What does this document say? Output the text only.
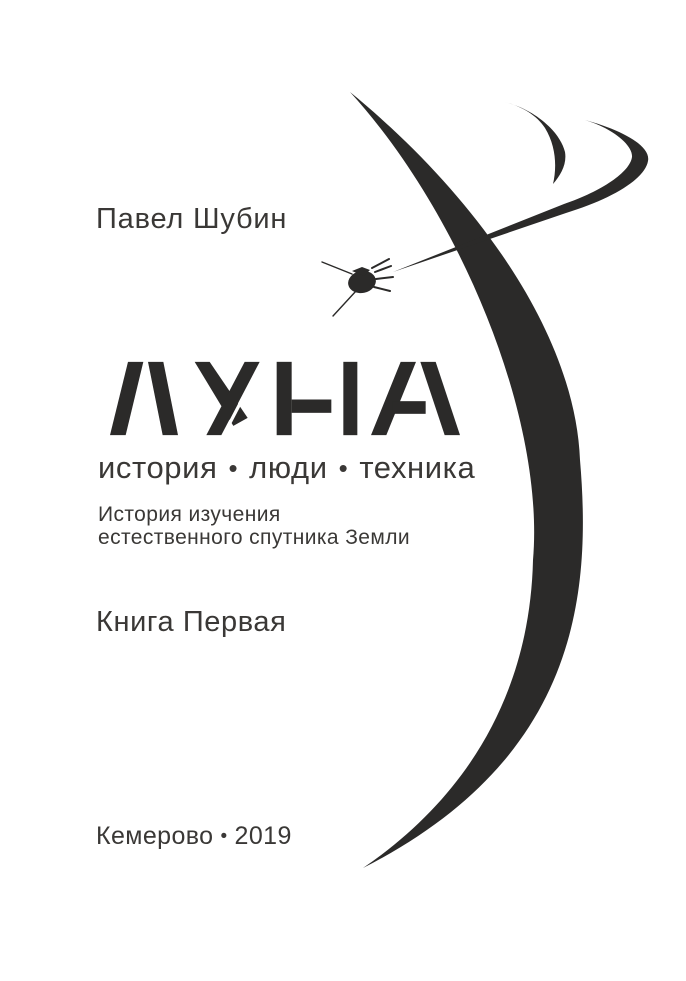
Павел Шубин
история • люди • техника
История изучения
естественного спутника Земли
Книга Первая
Кемерово • 2019
